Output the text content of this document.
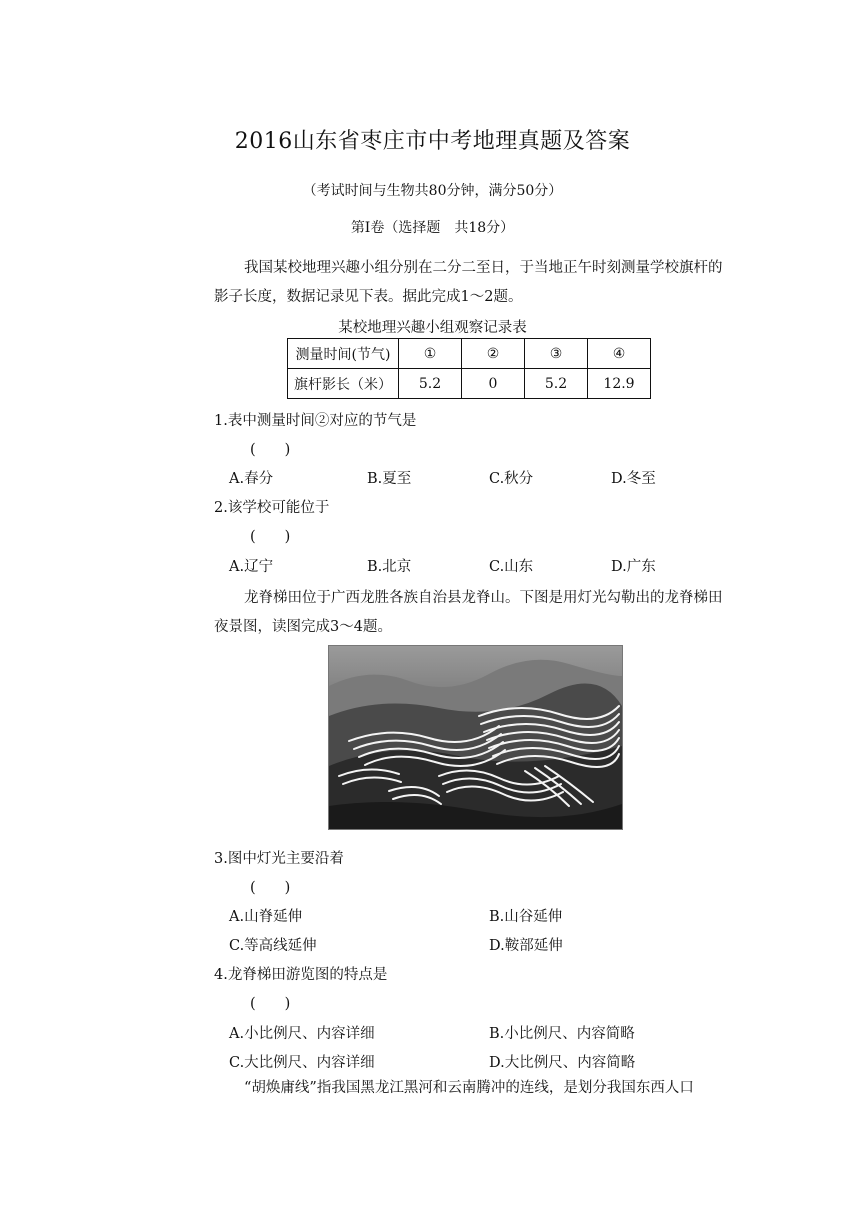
2016山东省枣庄市中考地理真题及答案
（考试时间与生物共80分钟，满分50分）
第Ⅰ卷（选择题　共18分）
我国某校地理兴趣小组分别在二分二至日，于当地正午时刻测量学校旗杆的影子长度，数据记录见下表。据此完成1～2题。
某校地理兴趣小组观察记录表
测量时间(节气)	①	②	③	④
旗杆影长（米）	5.2	0	5.2	12.9
1.表中测量时间②对应的节气是
(　　)
A.春分	B.夏至	C.秋分	D.冬至
2.该学校可能位于
(　　)
A.辽宁	B.北京	C.山东	D.广东
龙脊梯田位于广西龙胜各族自治县龙脊山。下图是用灯光勾勒出的龙脊梯田夜景图，读图完成3～4题。
3.图中灯光主要沿着
(　　)
A.山脊延伸	B.山谷延伸
C.等高线延伸	D.鞍部延伸
4.龙脊梯田游览图的特点是
(　　)
A.小比例尺、内容详细	B.小比例尺、内容简略
C.大比例尺、内容详细	D.大比例尺、内容简略
“胡焕庸线”指我国黑龙江黑河和云南腾冲的连线，是划分我国东西人口
